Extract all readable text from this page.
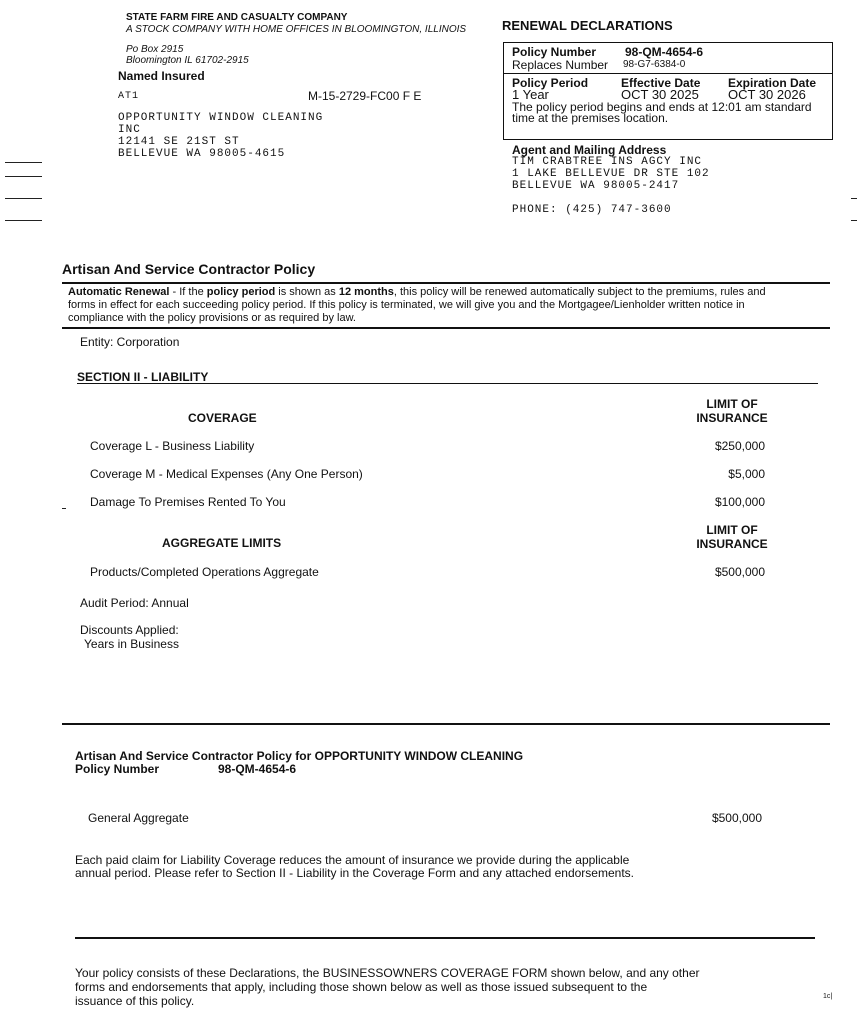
STATE FARM FIRE AND CASUALTY COMPANY
A STOCK COMPANY WITH HOME OFFICES IN BLOOMINGTON, ILLINOIS
Po Box 2915
Bloomington IL 61702-2915
Named Insured
AT1	M-15-2729-FC00 F E
OPPORTUNITY WINDOW CLEANING
INC
12141 SE 21ST ST
BELLEVUE WA 98005-4615
RENEWAL DECLARATIONS
Policy Number 98-QM-4654-6
Replaces Number 98-G7-6384-0
Policy Period	Effective Date Expiration Date
1 Year	OCT 30 2025 OCT 30 2026
The policy period begins and ends at 12:01 am standard
time at the premises location.
Agent and Mailing Address
TIM CRABTREE INS AGCY INC
1 LAKE BELLEVUE DR STE 102
BELLEVUE WA 98005-2417
PHONE: (425) 747-3600
Artisan And Service Contractor Policy
Automatic Renewal - If the policy period is shown as 12 months, this policy will be renewed automatically subject to the premiums, rules and
forms in effect for each succeeding policy period. If this policy is terminated, we will give you and the Mortgagee/Lienholder written notice in
compliance with the policy provisions or as required by law.
Entity: Corporation
SECTION II - LIABILITY
LIMIT OF
INSURANCE
COVERAGE
Coverage L - Business Liability	$250,000
Coverage M - Medical Expenses (Any One Person)	$5,000
Damage To Premises Rented To You	$100,000
LIMIT OF
INSURANCE
AGGREGATE LIMITS
Products/Completed Operations Aggregate	$500,000
Audit Period: Annual
Discounts Applied:
Years in Business
Artisan And Service Contractor Policy for OPPORTUNITY WINDOW CLEANING
Policy Number	98-QM-4654-6
General Aggregate	$500,000
Each paid claim for Liability Coverage reduces the amount of insurance we provide during the applicable
annual period. Please refer to Section II - Liability in the Coverage Form and any attached endorsements.
Your policy consists of these Declarations, the BUSINESSOWNERS COVERAGE FORM shown below, and any other
forms and endorsements that apply, including those shown below as well as those issued subsequent to the
issuance of this policy.	1c|
